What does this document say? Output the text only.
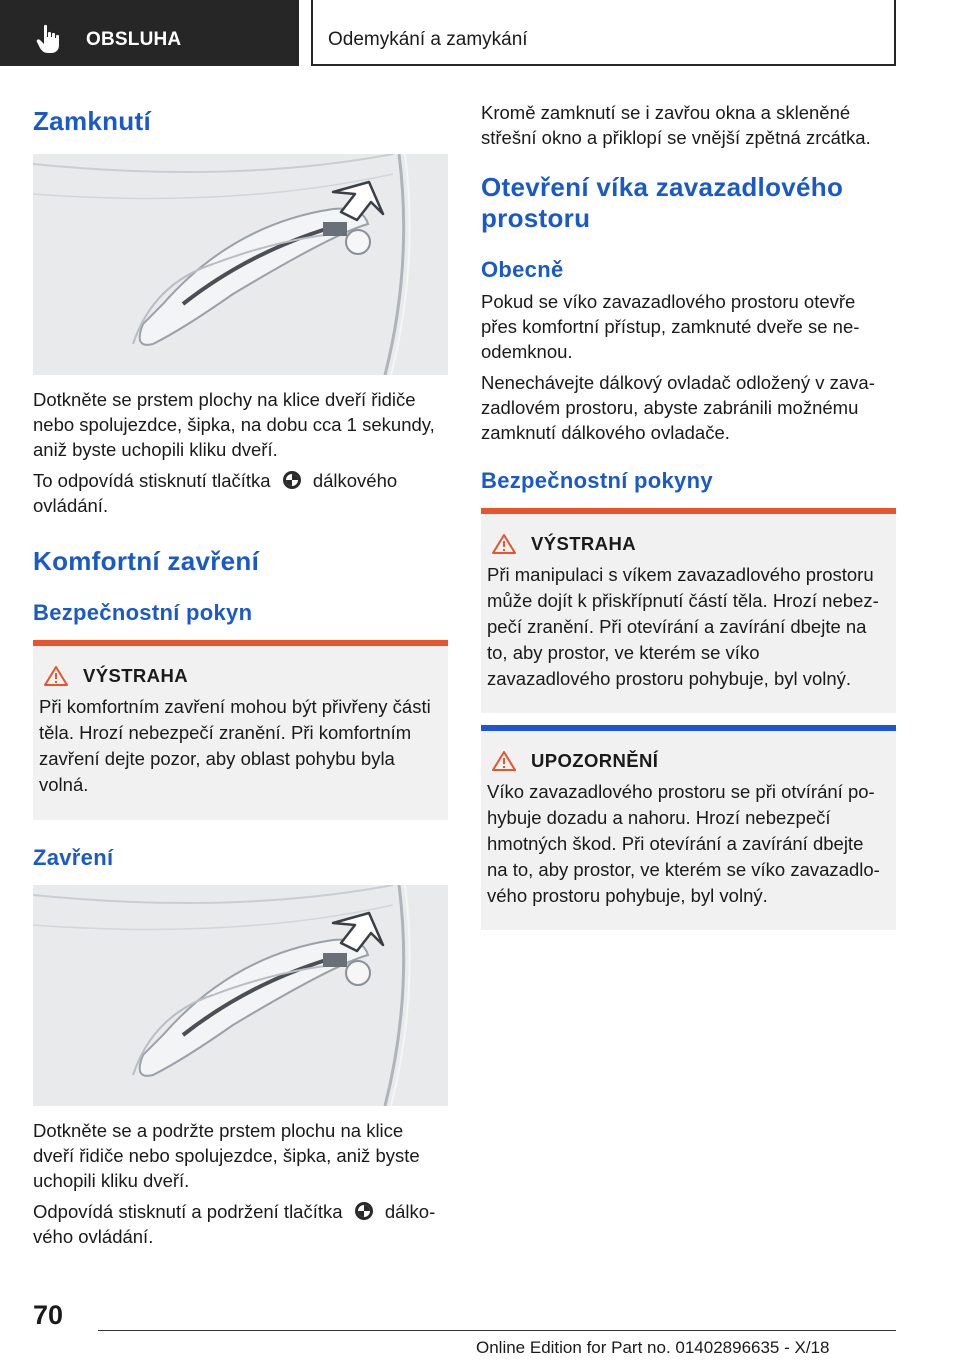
OBSLUHA	Odemykání a zamykání
Zamknutí
Dotkněte se prstem plochy na klice dveří řidiče nebo spolujezdce, šipka, na dobu cca 1 sekundy, aniž byste uchopili kliku dveří.
To odpovídá stisknutí tlačítka dálkového ovládání.
Komfortní zavření
Bezpečnostní pokyn
VÝSTRAHA
Při komfortním zavření mohou být přivřeny části těla. Hrozí nebezpečí zranění. Při komfortním zavření dejte pozor, aby oblast pohybu byla volná.
Zavření
Dotkněte se a podržte prstem plochu na klice dveří řidiče nebo spolujezdce, šipka, aniž byste uchopili kliku dveří.
Odpovídá stisknutí a podržení tlačítka dálkového ovládání.
Kromě zamknutí se i zavřou okna a skleněné střešní okno a přiklopí se vnější zpětná zrcátka.
Otevření víka zavazadlového prostoru
Obecně
Pokud se víko zavazadlového prostoru otevře přes komfortní přístup, zamknuté dveře se neodemknou.
Nenechávejte dálkový ovladač odložený v zavazadlovém prostoru, abyste zabránili možnému zamknutí dálkového ovladače.
Bezpečnostní pokyny
VÝSTRAHA
Při manipulaci s víkem zavazadlového prostoru může dojít k přiskřípnutí částí těla. Hrozí nebezpečí zranění. Při otevírání a zavírání dbejte na to, aby prostor, ve kterém se víko zavazadlového prostoru pohybuje, byl volný.
UPOZORNĚNÍ
Víko zavazadlového prostoru se při otvírání pohybuje dozadu a nahoru. Hrozí nebezpečí hmotných škod. Při otevírání a zavírání dbejte na to, aby prostor, ve kterém se víko zavazadlového prostoru pohybuje, byl volný.
70
Online Edition for Part no. 01402896635 - X/18
